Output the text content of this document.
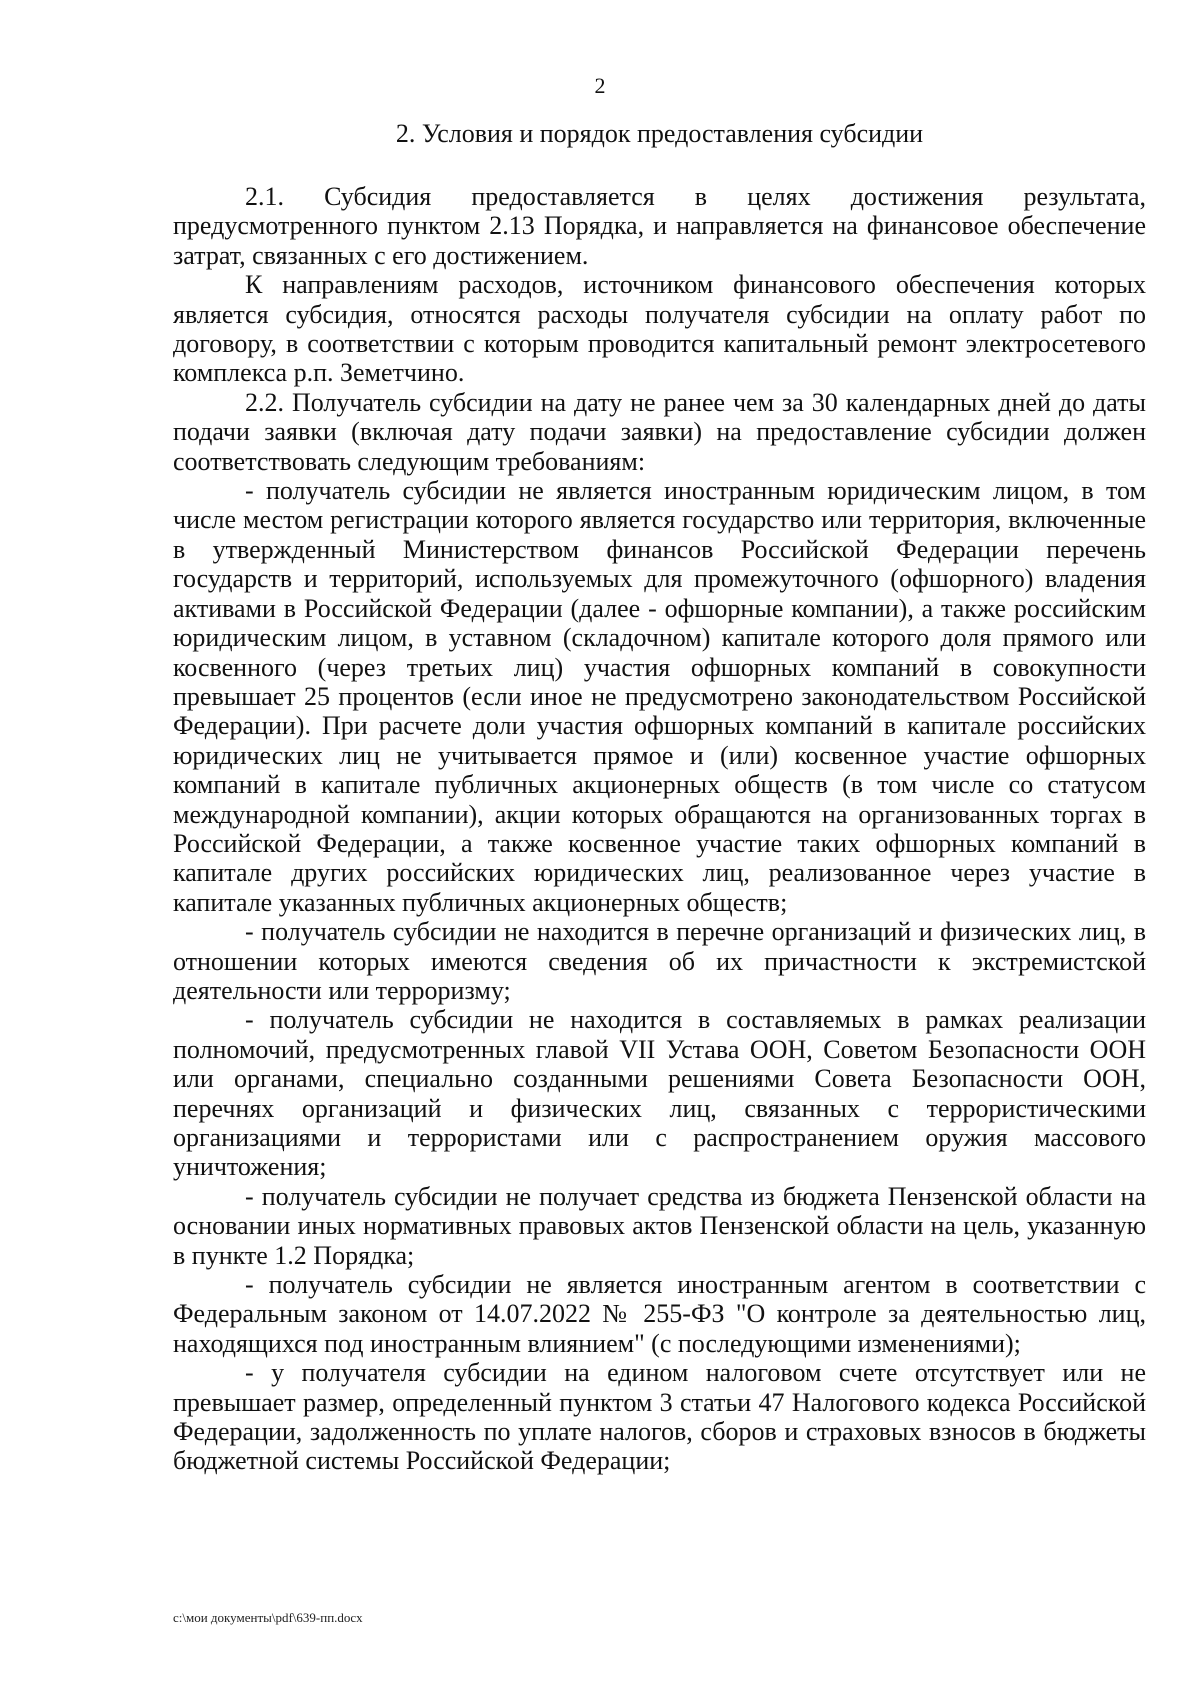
2
2. Условия и порядок предоставления субсидии

2.1. Субсидия предоставляется в целях достижения результата, предусмотренного пунктом 2.13 Порядка, и направляется на финансовое обеспечение затрат, связанных с его достижением.

К направлениям расходов, источником финансового обеспечения которых является субсидия, относятся расходы получателя субсидии на оплату работ по договору, в соответствии с которым проводится капитальный ремонт электросетевого комплекса р.п. Земетчино.

2.2. Получатель субсидии на дату не ранее чем за 30 календарных дней до даты подачи заявки (включая дату подачи заявки) на предоставление субсидии должен соответствовать следующим требованиям:

- получатель субсидии не является иностранным юридическим лицом, в том числе местом регистрации которого является государство или территория, включенные в утвержденный Министерством финансов Российской Федерации перечень государств и территорий, используемых для промежуточного (офшорного) владения активами в Российской Федерации (далее - офшорные компании), а также российским юридическим лицом, в уставном (складочном) капитале которого доля прямого или косвенного (через третьих лиц) участия офшорных компаний в совокупности превышает 25 процентов (если иное не предусмотрено законодательством Российской Федерации). При расчете доли участия офшорных компаний в капитале российских юридических лиц не учитывается прямое и (или) косвенное участие офшорных компаний в капитале публичных акционерных обществ (в том числе со статусом международной компании), акции которых обращаются на организованных торгах в Российской Федерации, а также косвенное участие таких офшорных компаний в капитале других российских юридических лиц, реализованное через участие в капитале указанных публичных акционерных обществ;

- получатель субсидии не находится в перечне организаций и физических лиц, в отношении которых имеются сведения об их причастности к экстремистской деятельности или терроризму;

- получатель субсидии не находится в составляемых в рамках реализации полномочий, предусмотренных главой VII Устава ООН, Советом Безопасности ООН или органами, специально созданными решениями Совета Безопасности ООН, перечнях организаций и физических лиц, связанных с террористическими организациями и террористами или с распространением оружия массового уничтожения;

- получатель субсидии не получает средства из бюджета Пензенской области на основании иных нормативных правовых актов Пензенской области на цель, указанную в пункте 1.2 Порядка;

- получатель субсидии не является иностранным агентом в соответствии с Федеральным законом от 14.07.2022 № 255-ФЗ "О контроле за деятельностью лиц, находящихся под иностранным влиянием" (с последующими изменениями);

- у получателя субсидии на едином налоговом счете отсутствует или не превышает размер, определенный пунктом 3 статьи 47 Налогового кодекса Российской Федерации, задолженность по уплате налогов, сборов и страховых взносов в бюджеты бюджетной системы Российской Федерации;

c:\мои документы\pdf\639-пп.docx
